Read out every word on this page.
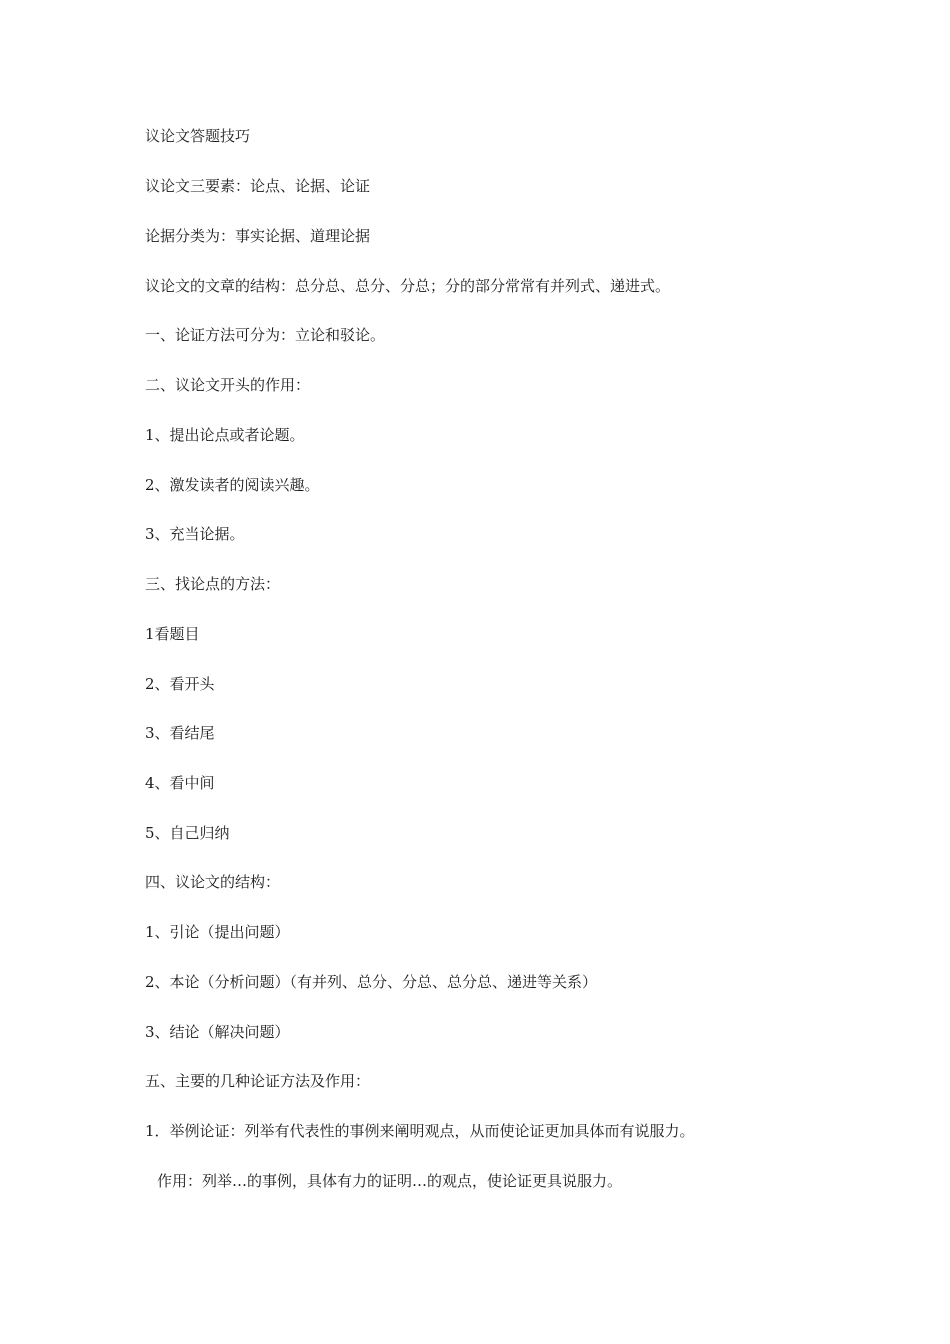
议论文答题技巧
议论文三要素：论点、论据、论证
论据分类为：事实论据、道理论据
议论文的文章的结构：总分总、总分、分总；分的部分常常有并列式、递进式。
一、论证方法可分为：立论和驳论。
二、议论文开头的作用：
1、提出论点或者论题。
2、激发读者的阅读兴趣。
3、充当论据。
三、找论点的方法：
1看题目
2、看开头
3、看结尾
4、看中间
5、自己归纳
四、议论文的结构：
1、引论（提出问题）
2、本论（分析问题）（有并列、总分、分总、总分总、递进等关系）
3、结论（解决问题）
五、主要的几种论证方法及作用：
1．举例论证：列举有代表性的事例来阐明观点，从而使论证更加具体而有说服力。
作用：列举…的事例，具体有力的证明…的观点，使论证更具说服力。
